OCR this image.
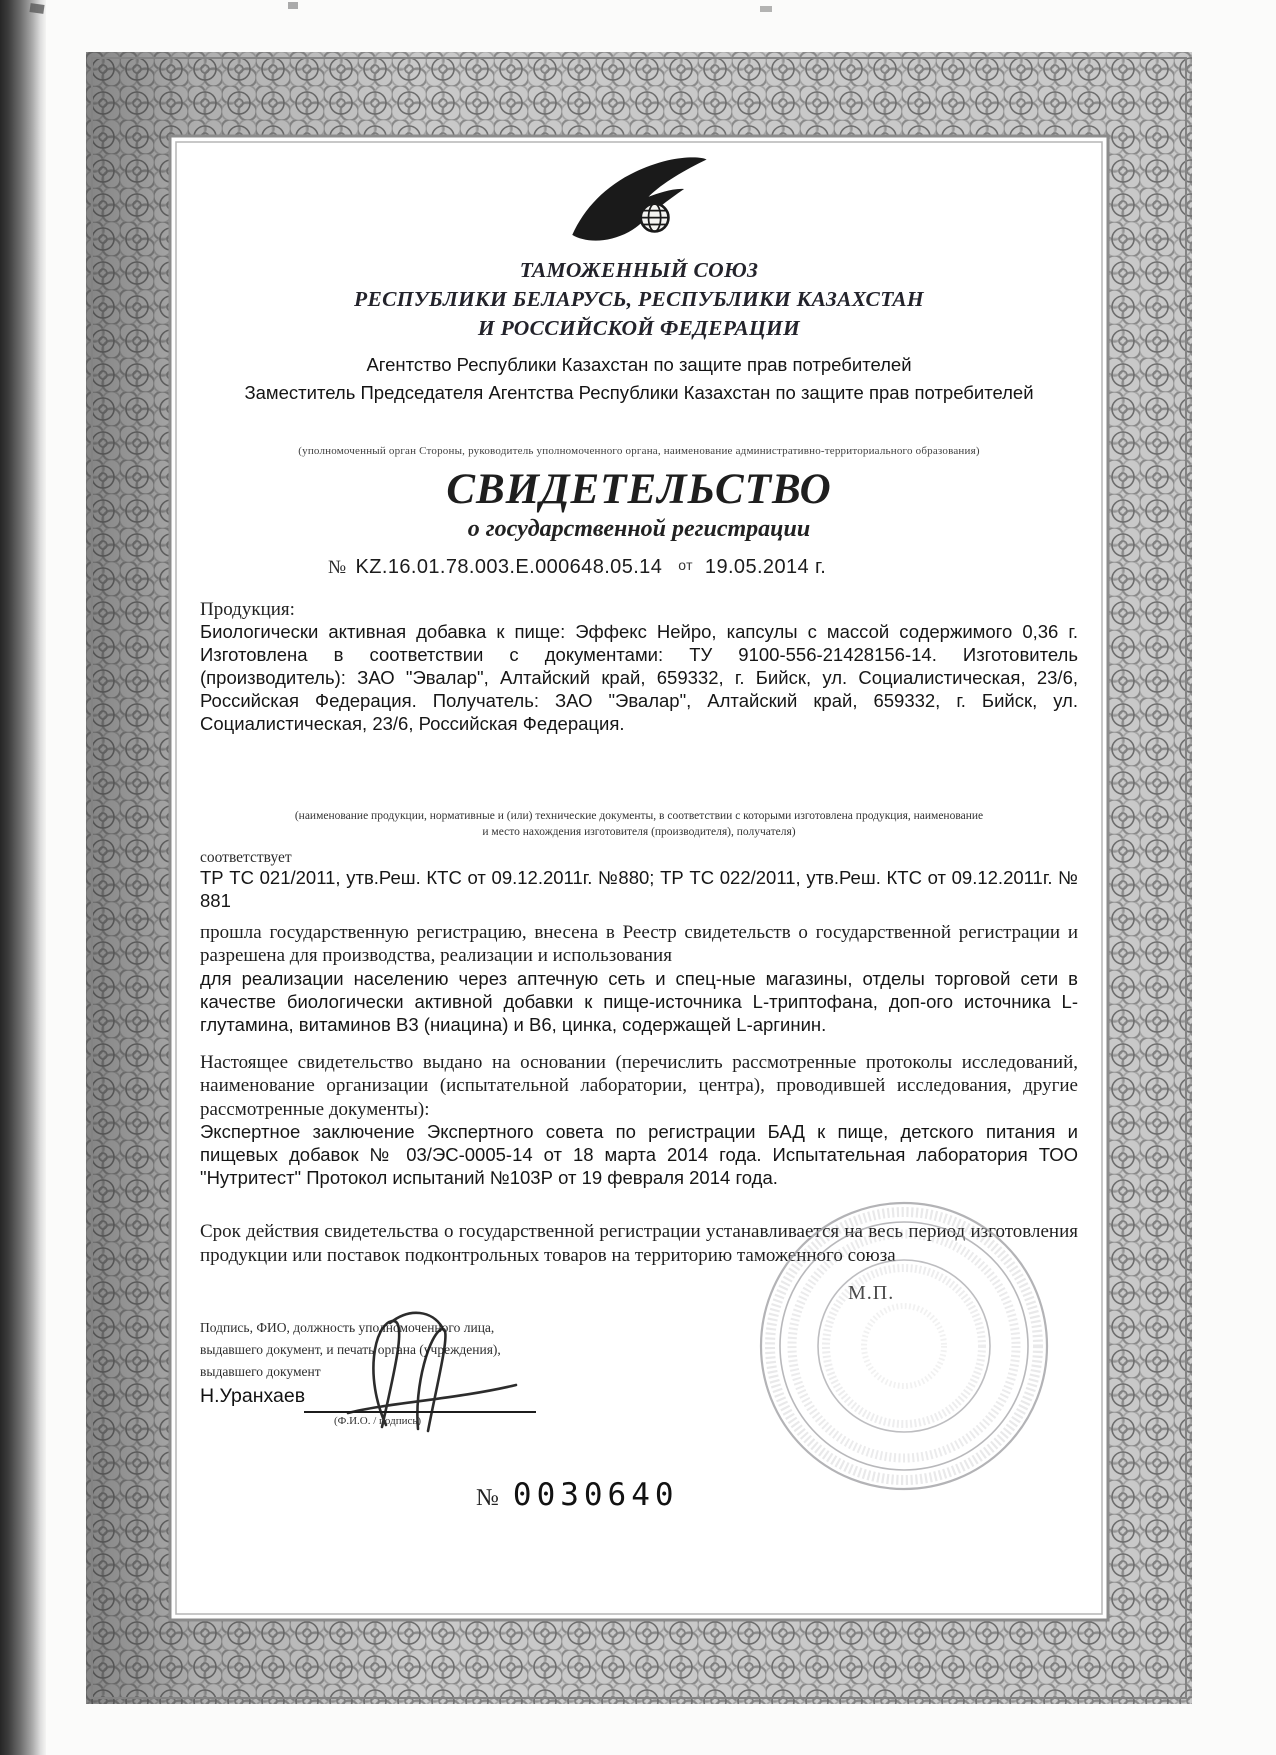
ТАМОЖЕННЫЙ СОЮЗ
РЕСПУБЛИКИ БЕЛАРУСЬ, РЕСПУБЛИКИ КАЗАХСТАН
И РОССИЙСКОЙ ФЕДЕРАЦИИ
Агентство Республики Казахстан по защите прав потребителей
Заместитель Председателя Агентства Республики Казахстан по защите прав потребителей
(уполномоченный орган Стороны, руководитель уполномоченного органа, наименование административно-территориального образования)
СВИДЕТЕЛЬСТВО
о государственной регистрации
№ KZ.16.01.78.003.E.000648.05.14 от 19.05.2014 г.
Продукция:
Биологически активная добавка к пище: Эффекс Нейро, капсулы с массой содержимого 0,36 г. Изготовлена в соответствии с документами: ТУ 9100-556-21428156-14. Изготовитель (производитель): ЗАО "Эвалар", Алтайский край, 659332, г. Бийск, ул. Социалистическая, 23/6, Российская Федерация. Получатель: ЗАО "Эвалар", Алтайский край, 659332, г. Бийск, ул. Социалистическая, 23/6, Российская Федерация.
(наименование продукции, нормативные и (или) технические документы, в соответствии с которыми изготовлена продукция, наименование
и место нахождения изготовителя (производителя), получателя)
соответствует
ТР ТС 021/2011, утв.Реш. КТС от 09.12.2011г. №880; ТР ТС 022/2011, утв.Реш. КТС от 09.12.2011г. № 881
прошла государственную регистрацию, внесена в Реестр свидетельств о государственной регистрации и разрешена для производства, реализации и использования
для реализации населению через аптечную сеть и спец-ные магазины, отделы торговой сети в качестве биологически активной добавки к пище-источника L-триптофана, доп-ого источника L-глутамина, витаминов В3 (ниацина) и В6, цинка, содержащей L-аргинин.
Настоящее свидетельство выдано на основании (перечислить рассмотренные протоколы исследований, наименование организации (испытательной лаборатории, центра), проводившей исследования, другие рассмотренные документы):
Экспертное заключение Экспертного совета по регистрации БАД к пище, детского питания и пищевых добавок № 03/ЭС-0005-14 от 18 марта 2014 года. Испытательная лаборатория ТОО "Нутритест" Протокол испытаний №103Р от 19 февраля 2014 года.
Срок действия свидетельства о государственной регистрации устанавливается на весь период изготовления продукции или поставок подконтрольных товаров на территорию таможенного союза
Подпись, ФИО, должность уполномоченного лица,
выдавшего документ, и печать органа (учреждения),
выдавшего документ
Н.Уранхаев
(Ф.И.О. / подпись)
№ 0030640
М.П.
